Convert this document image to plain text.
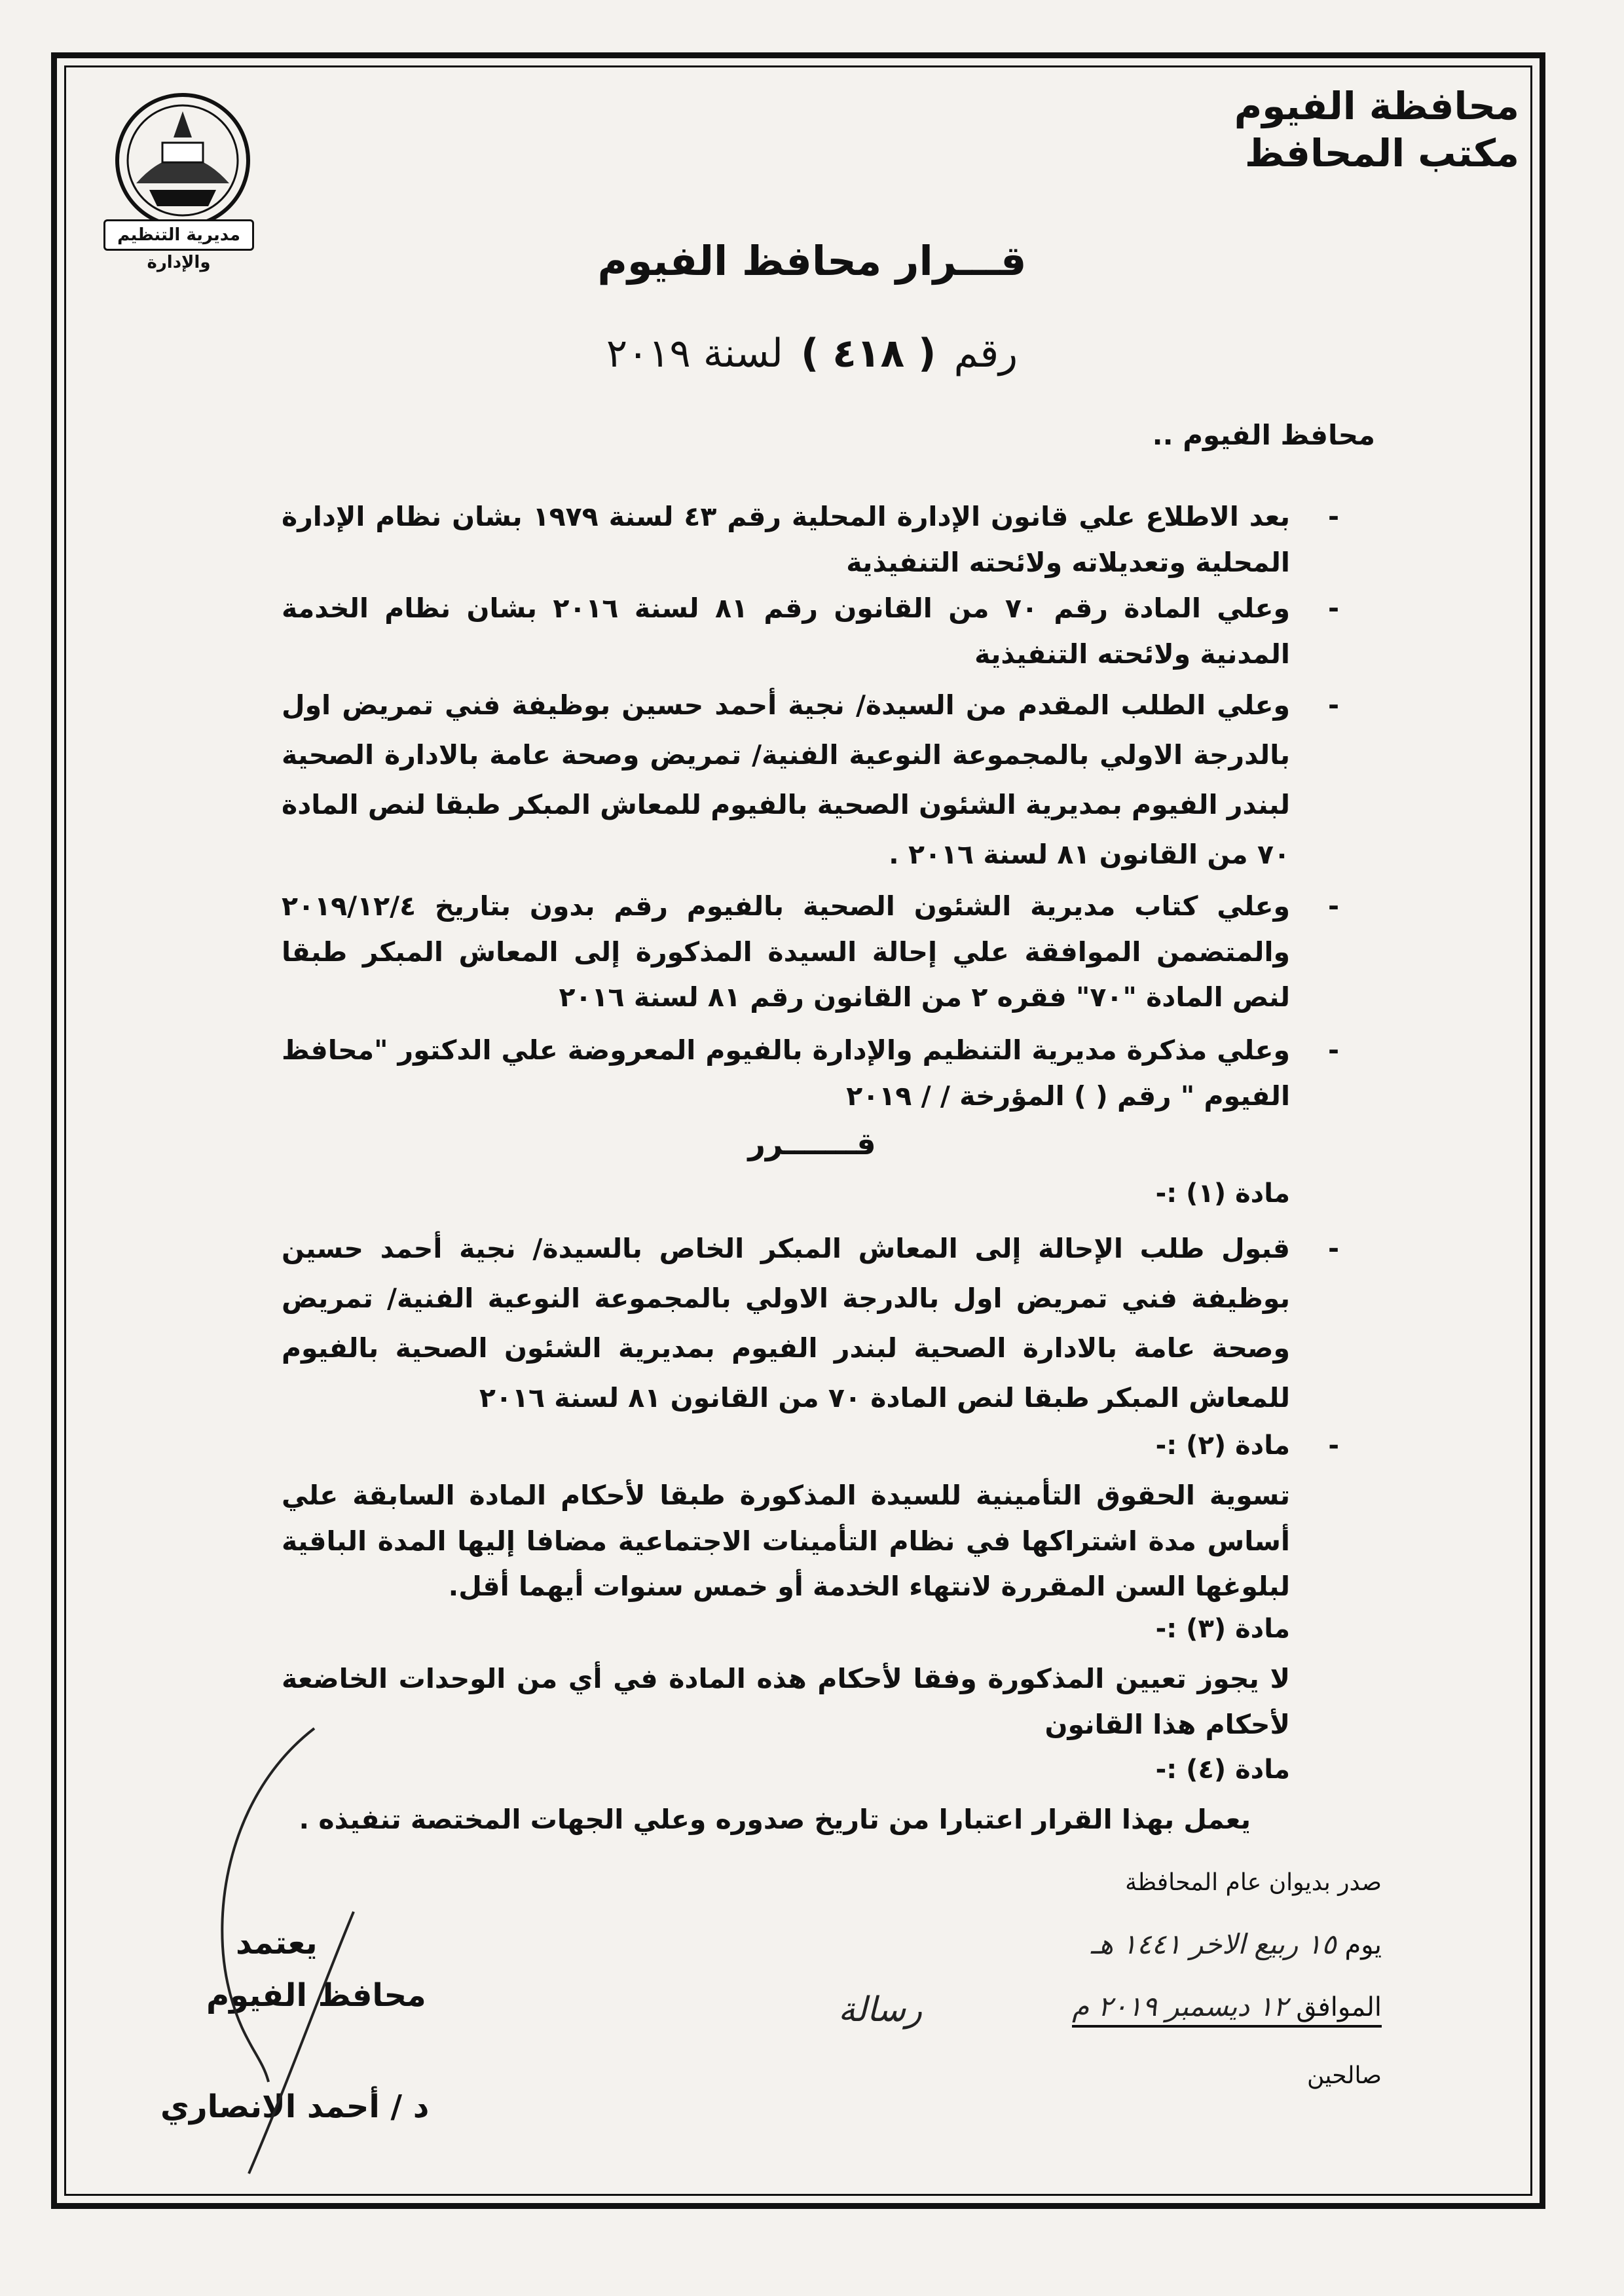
مديرية التنظيم والإدارة
محافظة الفيوم
مكتب المحافظ
قـــرار محافظ الفيوم
رقم ( ٤١٨ ) لسنة ٢٠١٩
محافظ الفيوم ..
-
بعد الاطلاع علي قانون الإدارة المحلية رقم ٤٣ لسنة ١٩٧٩ بشان نظام الإدارة المحلية وتعديلاته ولائحته التنفيذية
-
وعلي المادة رقم ٧٠ من القانون رقم ٨١ لسنة ٢٠١٦ بشان نظام الخدمة المدنية ولائحته التنفيذية
-
وعلي الطلب المقدم من السيدة/ نجية أحمد حسين بوظيفة فني تمريض اول بالدرجة الاولي بالمجموعة النوعية الفنية/ تمريض وصحة عامة بالادارة الصحية لبندر الفيوم بمديرية الشئون الصحية بالفيوم للمعاش المبكر طبقا لنص المادة ٧٠ من القانون ٨١ لسنة ٢٠١٦ .
-
وعلي كتاب مديرية الشئون الصحية بالفيوم رقم بدون بتاريخ ٢٠١٩/١٢/٤ والمتضمن الموافقة علي إحالة السيدة المذكورة إلى المعاش المبكر طبقا لنص المادة "٧٠" فقره ٢ من القانون رقم ٨١ لسنة ٢٠١٦
-
وعلي مذكرة مديرية التنظيم والإدارة بالفيوم المعروضة علي الدكتور "محافظ الفيوم " رقم ( ) المؤرخة / / ٢٠١٩
قـــــــرر
مادة (١) :-
-
قبول طلب الإحالة إلى المعاش المبكر الخاص بالسيدة/ نجية أحمد حسين بوظيفة فني تمريض اول بالدرجة الاولي بالمجموعة النوعية الفنية/ تمريض وصحة عامة بالادارة الصحية لبندر الفيوم بمديرية الشئون الصحية بالفيوم للمعاش المبكر طبقا لنص المادة ٧٠ من القانون ٨١ لسنة ٢٠١٦
مادة (٢) :- -
تسوية الحقوق التأمينية للسيدة المذكورة طبقا لأحكام المادة السابقة علي أساس مدة اشتراكها في نظام التأمينات الاجتماعية مضافا إليها المدة الباقية لبلوغها السن المقررة لانتهاء الخدمة أو خمس سنوات أيهما أقل.
مادة (٣) :-
لا يجوز تعيين المذكورة وفقا لأحكام هذه المادة في أي من الوحدات الخاضعة لأحكام هذا القانون
مادة (٤) :-
يعمل بهذا القرار اعتبارا من تاريخ صدوره وعلي الجهات المختصة تنفيذه .
صدر بديوان عام المحافظة
يوم ١٥ ربيع الاخر ١٤٤١ هـ
الموافق ١٢ ديسمبر ٢٠١٩ م
صالحين
رسالة
يعتمد
محافظ الفيوم
د / أحمد الانصاري
